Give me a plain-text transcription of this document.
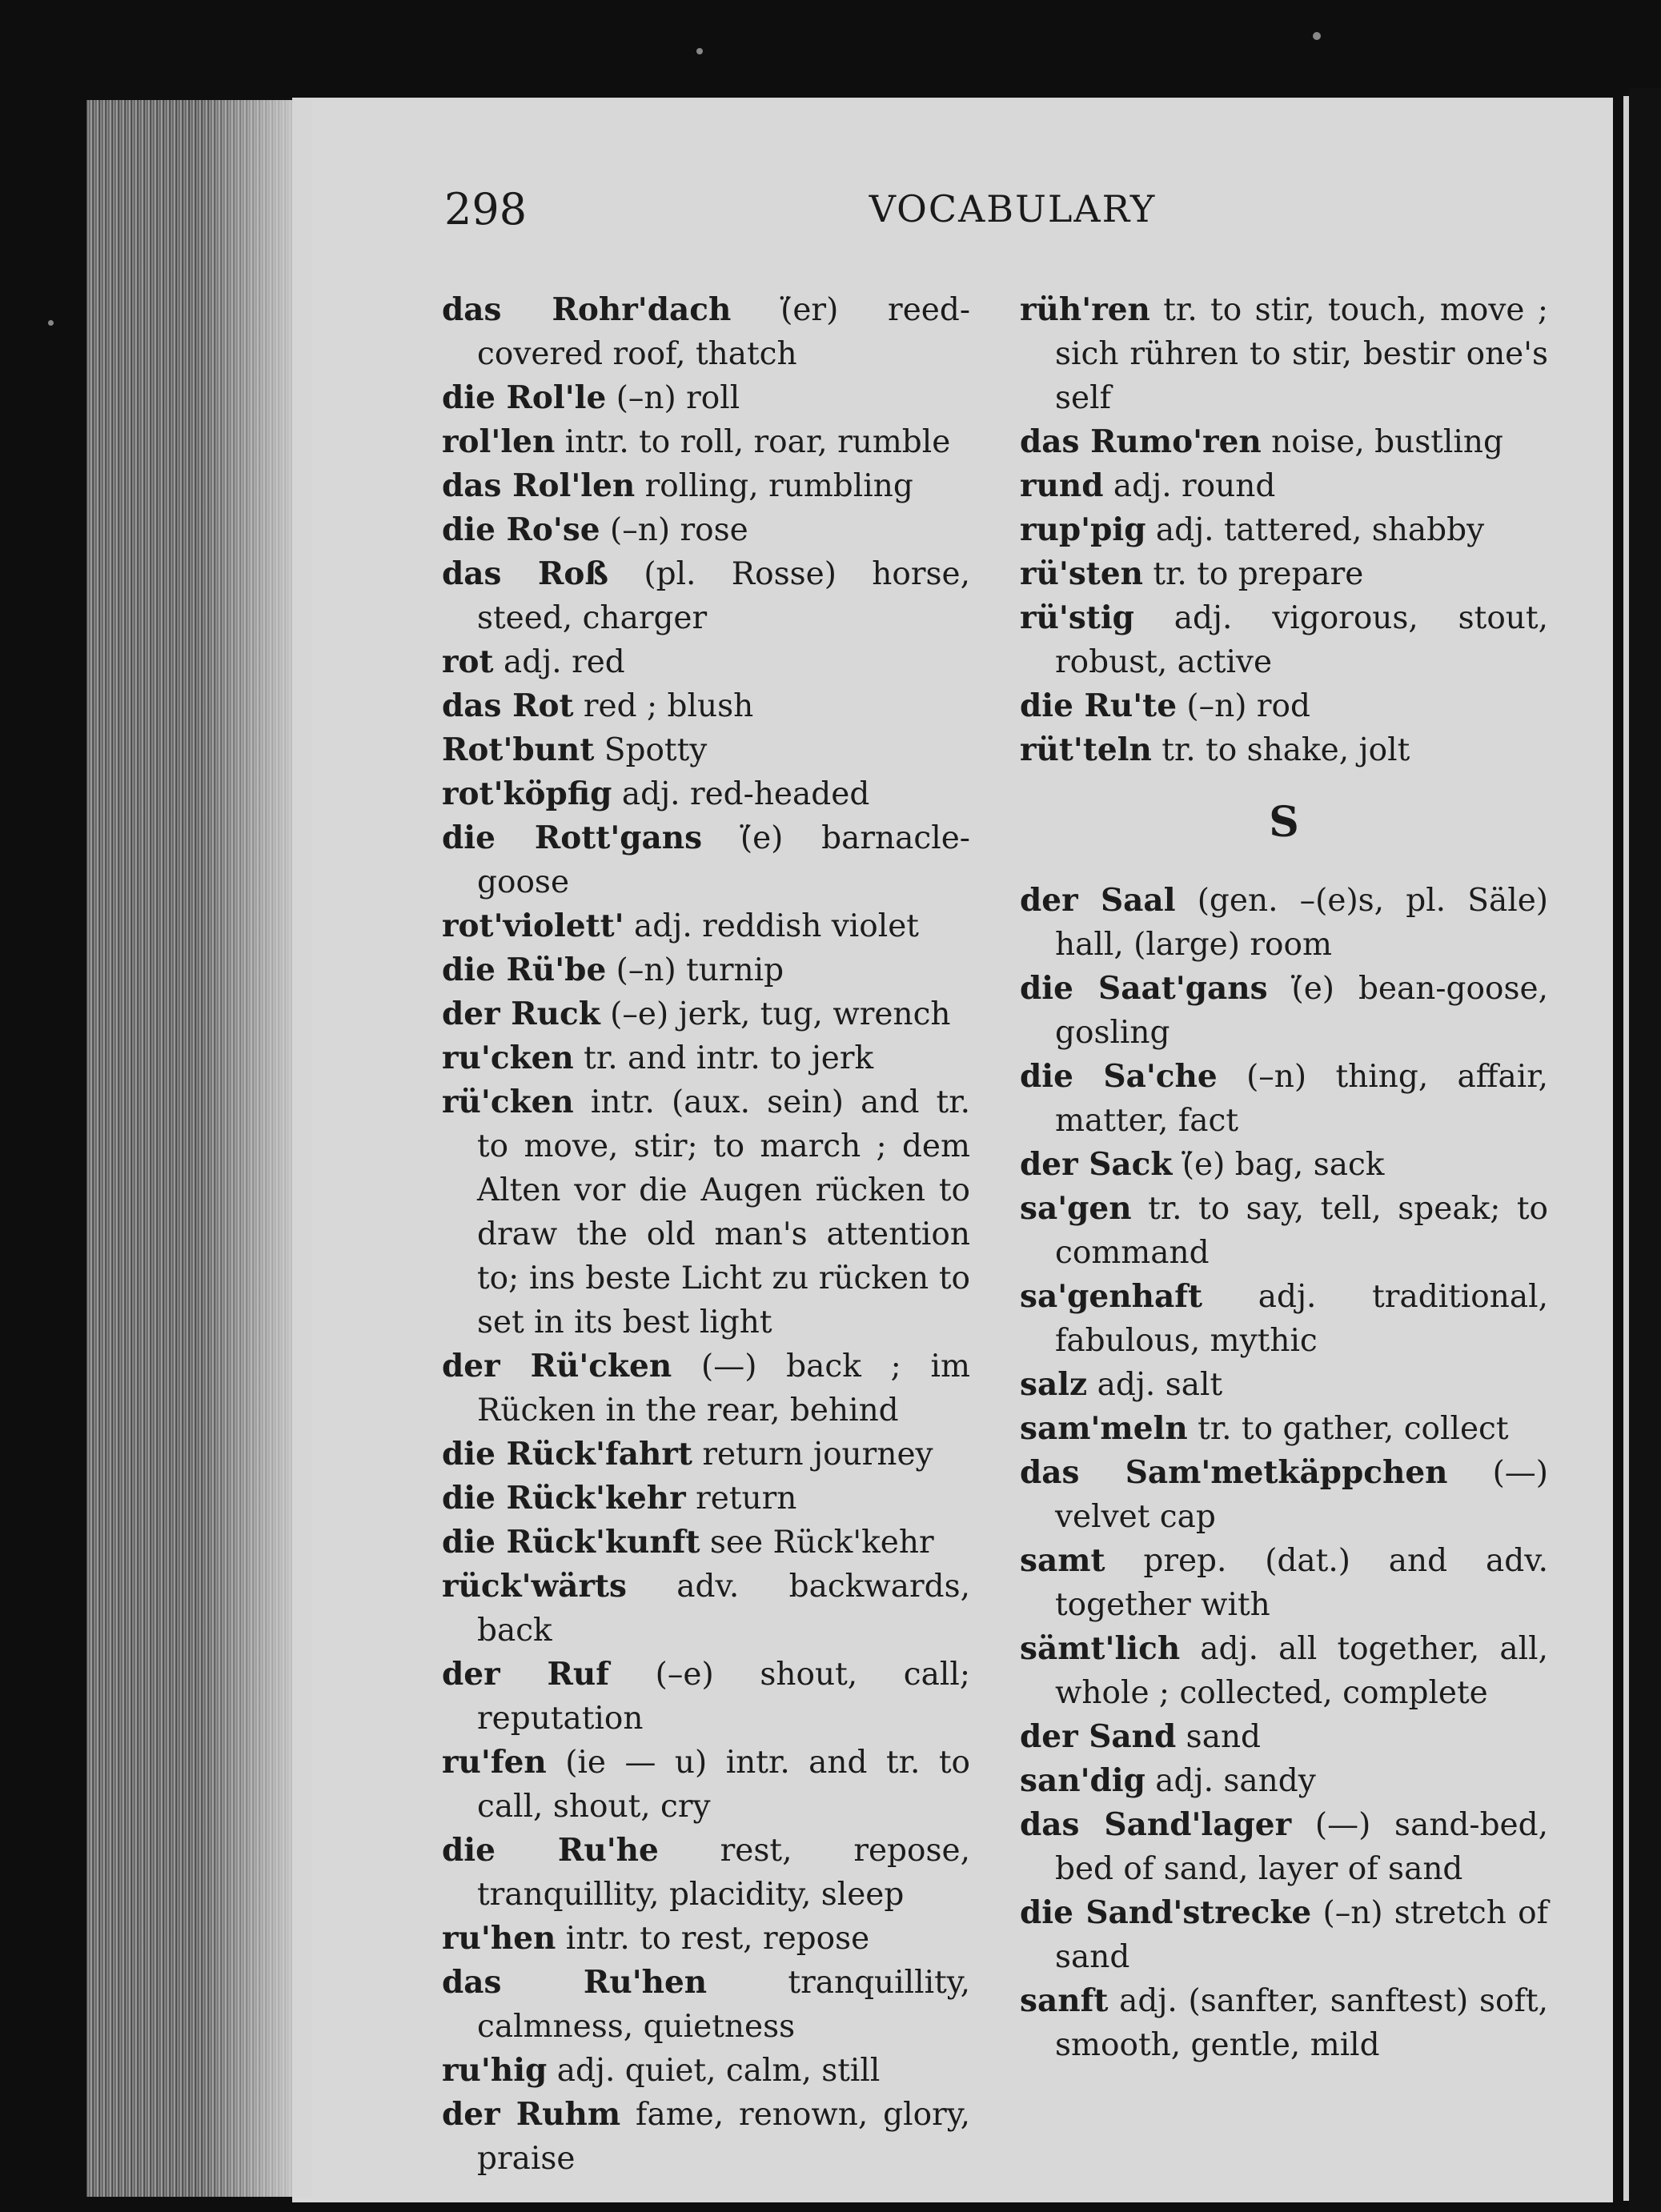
298	VOCABULARY
das Rohr'dach (̈er) reed-covered roof, thatch
die Rol'le (–n) roll
rol'len intr. to roll, roar, rumble
das Rol'len rolling, rumbling
die Ro'se (–n) rose
das Roß (pl. Rosse) horse, steed, charger
rot adj. red
das Rot red ; blush
Rot'bunt Spotty
rot'köpfig adj. red-headed
die Rott'gans (̈e) barnacle-goose
rot'violett' adj. reddish violet
die Rü'be (–n) turnip
der Ruck (–e) jerk, tug, wrench
ru'cken tr. and intr. to jerk
rü'cken intr. (aux. sein) and tr. to move, stir; to march ; dem Alten vor die Augen rücken to draw the old man's attention to; ins beste Licht zu rücken to set in its best light
der Rü'cken (—) back ; im Rücken in the rear, behind
die Rück'fahrt return journey
die Rück'kehr return
die Rück'kunft see Rück'kehr
rück'wärts adv. backwards, back
der Ruf (–e) shout, call; reputation
ru'fen (ie — u) intr. and tr. to call, shout, cry
die Ru'he rest, repose, tranquillity, placidity, sleep
ru'hen intr. to rest, repose
das Ru'hen tranquillity, calmness, quietness
ru'hig adj. quiet, calm, still
der Ruhm fame, renown, glory, praise
rüh'ren tr. to stir, touch, move ; sich rühren to stir, bestir one's self
das Rumo'ren noise, bustling
rund adj. round
rup'pig adj. tattered, shabby
rü'sten tr. to prepare
rü'stig adj. vigorous, stout, robust, active
die Ru'te (–n) rod
rüt'teln tr. to shake, jolt
S
der Saal (gen. –(e)s, pl. Säle) hall, (large) room
die Saat'gans (̈e) bean-goose, gosling
die Sa'che (–n) thing, affair, matter, fact
der Sack (̈e) bag, sack
sa'gen tr. to say, tell, speak; to command
sa'genhaft adj. traditional, fabulous, mythic
salz adj. salt
sam'meln tr. to gather, collect
das Sam'metkäppchen (—) velvet cap
samt prep. (dat.) and adv. together with
sämt'lich adj. all together, all, whole ; collected, complete
der Sand sand
san'dig adj. sandy
das Sand'lager (—) sand-bed, bed of sand, layer of sand
die Sand'strecke (–n) stretch of sand
sanft adj. (sanfter, sanftest) soft, smooth, gentle, mild
